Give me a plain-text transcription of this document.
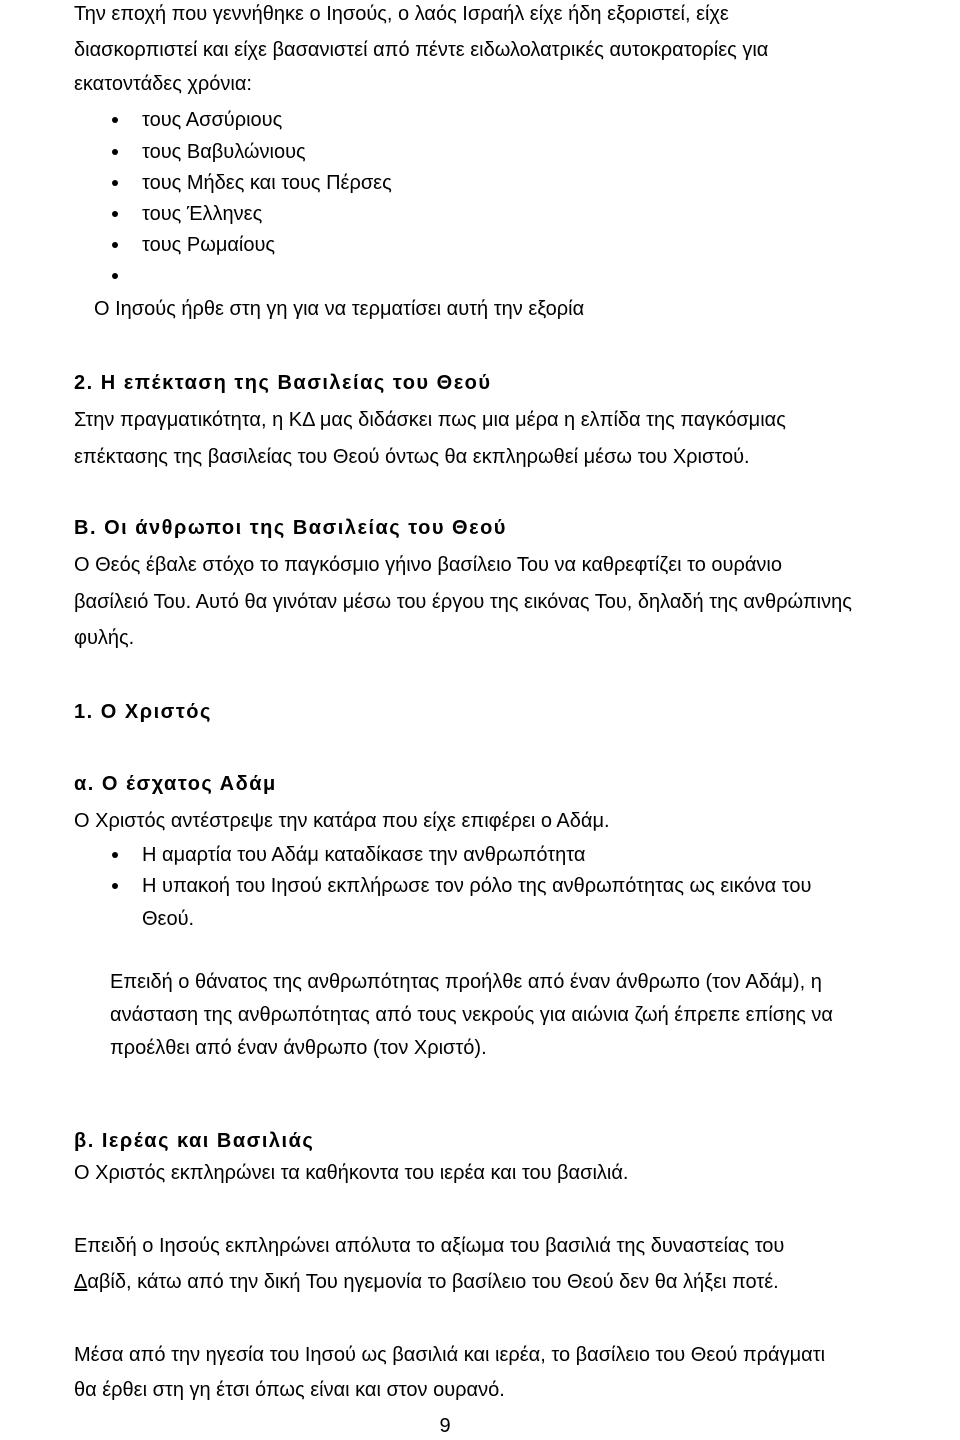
Την εποχή που γεννήθηκε ο Ιησούς, ο λαός Ισραήλ είχε ήδη εξοριστεί, είχε
διασκορπιστεί και είχε βασανιστεί από πέντε ειδωλολατρικές αυτοκρατορίες για
εκατοντάδες χρόνια:
τους Ασσύριους
τους Βαβυλώνιους
τους Μήδες και τους Πέρσες
τους Έλληνες
τους Ρωμαίους
Ο Ιησούς ήρθε στη γη για να τερματίσει αυτή την εξορία
2. Η επέκταση της Βασιλείας του Θεού
Στην πραγματικότητα, η ΚΔ μας διδάσκει πως μια μέρα η ελπίδα της παγκόσμιας
επέκτασης της βασιλείας του Θεού όντως θα εκπληρωθεί μέσω του Χριστού.
Β. Οι άνθρωποι της Βασιλείας του Θεού
Ο Θεός έβαλε στόχο το παγκόσμιο γήινο βασίλειο Του να καθρεφτίζει το ουράνιο
βασίλειό Του. Αυτό θα γινόταν μέσω του έργου της εικόνας Του, δηλαδή της ανθρώπινης
φυλής.
1. Ο Χριστός
α. Ο έσχατος Αδάμ
Ο Χριστός αντέστρεψε την κατάρα που είχε επιφέρει ο Αδάμ.
Η αμαρτία του Αδάμ καταδίκασε την ανθρωπότητα
Η υπακοή του Ιησού εκπλήρωσε τον ρόλο της ανθρωπότητας ως εικόνα του
Θεού.
Επειδή ο θάνατος της ανθρωπότητας προήλθε από έναν άνθρωπο (τον Αδάμ), η
ανάσταση της ανθρωπότητας από τους νεκρούς για αιώνια ζωή έπρεπε επίσης να
προέλθει από έναν άνθρωπο (τον Χριστό).
β. Ιερέας και Βασιλιάς
Ο Χριστός εκπληρώνει τα καθήκοντα του ιερέα και του βασιλιά.
Επειδή ο Ιησούς εκπληρώνει απόλυτα το αξίωμα του βασιλιά της δυναστείας του
Δαβίδ, κάτω από την δική Του ηγεμονία το βασίλειο του Θεού δεν θα λήξει ποτέ.
Μέσα από την ηγεσία του Ιησού ως βασιλιά και ιερέα, το βασίλειο του Θεού πράγματι
θα έρθει στη γη έτσι όπως είναι και στον ουρανό.
9
